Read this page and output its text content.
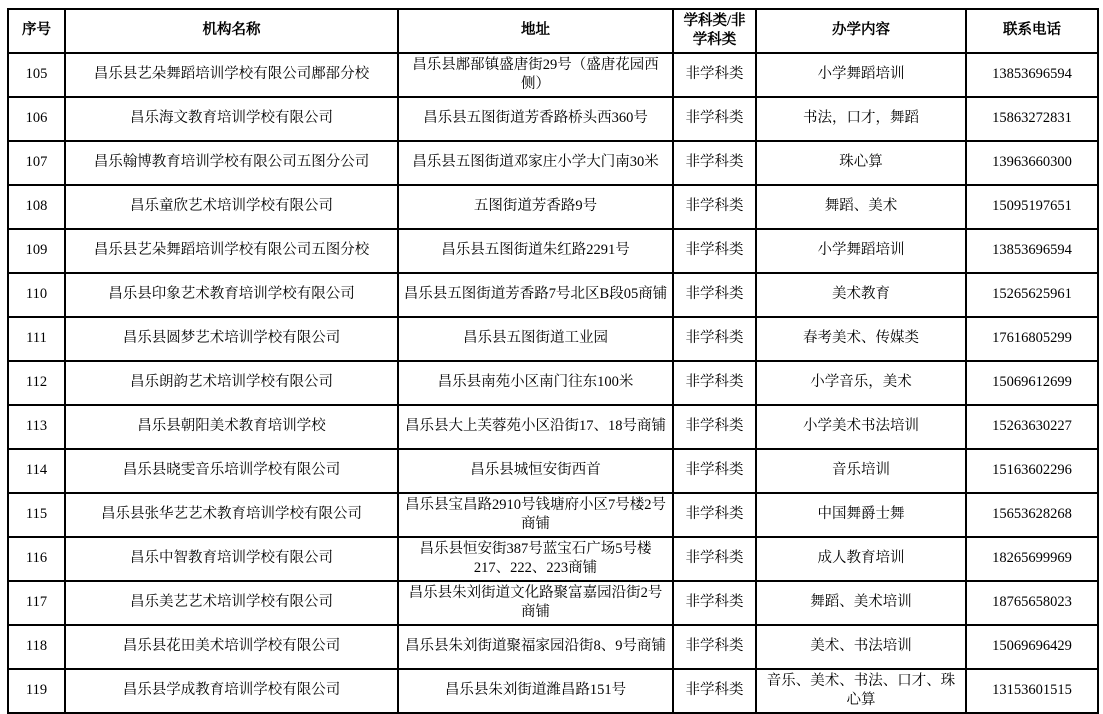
序号	机构名称	地址	学科类/非学科类	办学内容	联系电话
105	昌乐县艺朵舞蹈培训学校有限公司鄌郚分校	昌乐县鄌郚镇盛唐街29号（盛唐花园西侧）	非学科类	小学舞蹈培训	13853696594
106	昌乐海文教育培训学校有限公司	昌乐县五图街道芳香路桥头西360号	非学科类	书法，口才，舞蹈	15863272831
107	昌乐翰博教育培训学校有限公司五图分公司	昌乐县五图街道邓家庄小学大门南30米	非学科类	珠心算	13963660300
108	昌乐童欣艺术培训学校有限公司	五图街道芳香路9号	非学科类	舞蹈、美术	15095197651
109	昌乐县艺朵舞蹈培训学校有限公司五图分校	昌乐县五图街道朱红路2291号	非学科类	小学舞蹈培训	13853696594
110	昌乐县印象艺术教育培训学校有限公司	昌乐县五图街道芳香路7号北区B段05商铺	非学科类	美术教育	15265625961
111	昌乐县圆梦艺术培训学校有限公司	昌乐县五图街道工业园	非学科类	春考美术、传媒类	17616805299
112	昌乐朗韵艺术培训学校有限公司	昌乐县南苑小区南门往东100米	非学科类	小学音乐，美术	15069612699
113	昌乐县朝阳美术教育培训学校	昌乐县大上芙蓉苑小区沿街17、18号商铺	非学科类	小学美术书法培训	15263630227
114	昌乐县晓雯音乐培训学校有限公司	昌乐县城恒安街西首	非学科类	音乐培训	15163602296
115	昌乐县张华艺艺术教育培训学校有限公司	昌乐县宝昌路2910号钱塘府小区7号楼2号商铺	非学科类	中国舞爵士舞	15653628268
116	昌乐中智教育培训学校有限公司	昌乐县恒安街387号蓝宝石广场5号楼217、222、223商铺	非学科类	成人教育培训	18265699969
117	昌乐美艺艺术培训学校有限公司	昌乐县朱刘街道文化路聚富嘉园沿街2号商铺	非学科类	舞蹈、美术培训	18765658023
118	昌乐县花田美术培训学校有限公司	昌乐县朱刘街道聚福家园沿街8、9号商铺	非学科类	美术、书法培训	15069696429
119	昌乐县学成教育培训学校有限公司	昌乐县朱刘街道潍昌路151号	非学科类	音乐、美术、书法、口才、珠心算	13153601515
